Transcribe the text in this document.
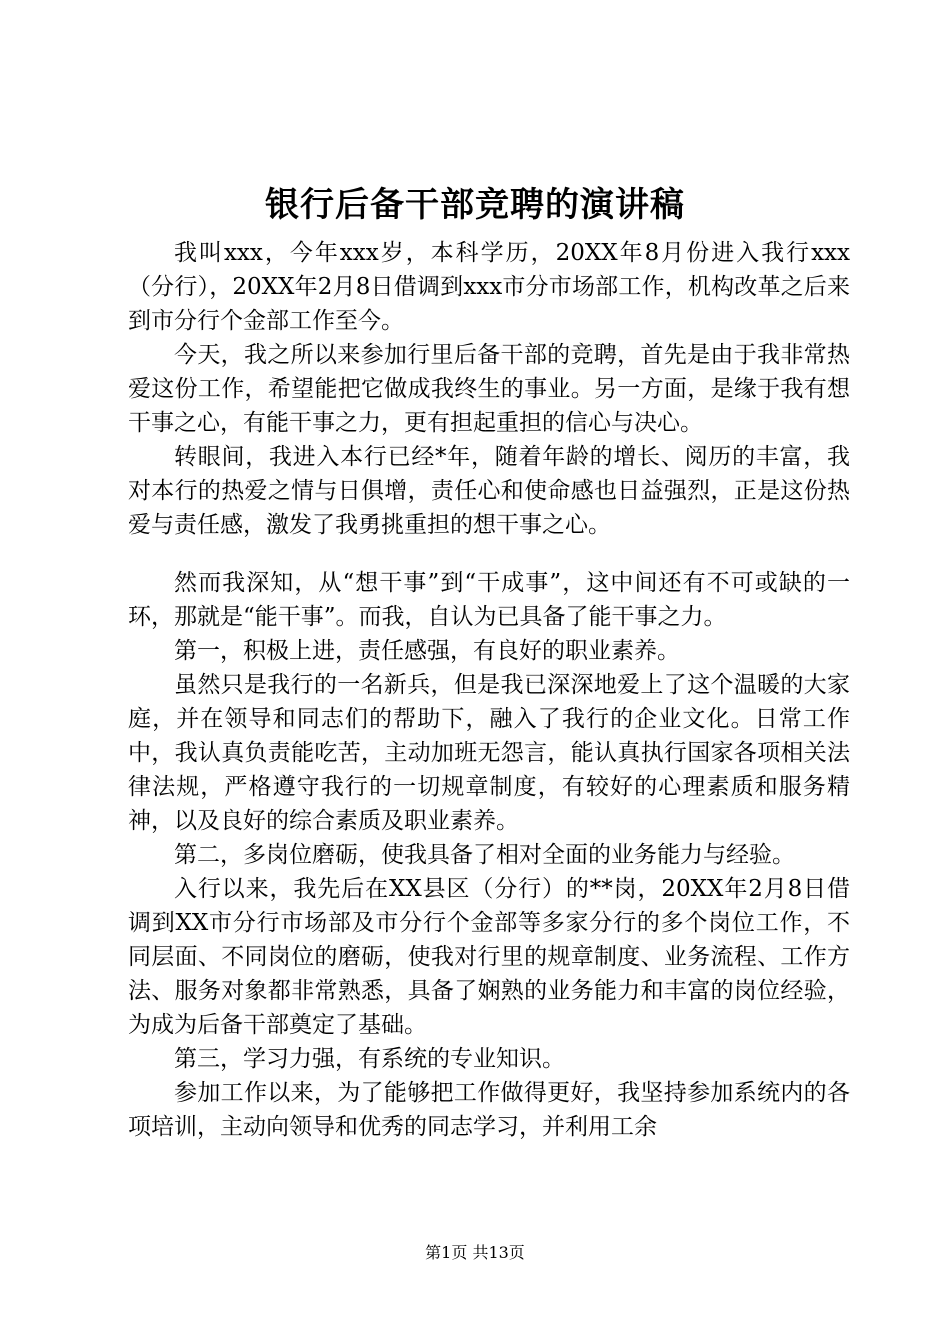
银行后备干部竞聘的演讲稿

我叫xxx，今年xxx岁，本科学历，20XX年8月份进入我行xxx（分行），20XX年2月8日借调到xxx市分市场部工作，机构改革之后来到市分行个金部工作至今。

今天，我之所以来参加行里后备干部的竞聘，首先是由于我非常热爱这份工作，希望能把它做成我终生的事业。另一方面，是缘于我有想干事之心，有能干事之力，更有担起重担的信心与决心。

转眼间，我进入本行已经*年，随着年龄的增长、阅历的丰富，我对本行的热爱之情与日俱增，责任心和使命感也日益强烈，正是这份热爱与责任感，激发了我勇挑重担的想干事之心。

然而我深知，从“想干事”到“干成事”，这中间还有不可或缺的一环，那就是“能干事”。而我，自认为已具备了能干事之力。

第一，积极上进，责任感强，有良好的职业素养。

虽然只是我行的一名新兵，但是我已深深地爱上了这个温暖的大家庭，并在领导和同志们的帮助下，融入了我行的企业文化。日常工作中，我认真负责能吃苦，主动加班无怨言，能认真执行国家各项相关法律法规，严格遵守我行的一切规章制度，有较好的心理素质和服务精神，以及良好的综合素质及职业素养。

第二，多岗位磨砺，使我具备了相对全面的业务能力与经验。

入行以来，我先后在XX县区（分行）的**岗，20XX年2月8日借调到XX市分行市场部及市分行个金部等多家分行的多个岗位工作，不同层面、不同岗位的磨砺，使我对行里的规章制度、业务流程、工作方法、服务对象都非常熟悉，具备了娴熟的业务能力和丰富的岗位经验，为成为后备干部奠定了基础。

第三，学习力强，有系统的专业知识。

参加工作以来，为了能够把工作做得更好，我坚持参加系统内的各项培训，主动向领导和优秀的同志学习，并利用工余

第1页 共13页
